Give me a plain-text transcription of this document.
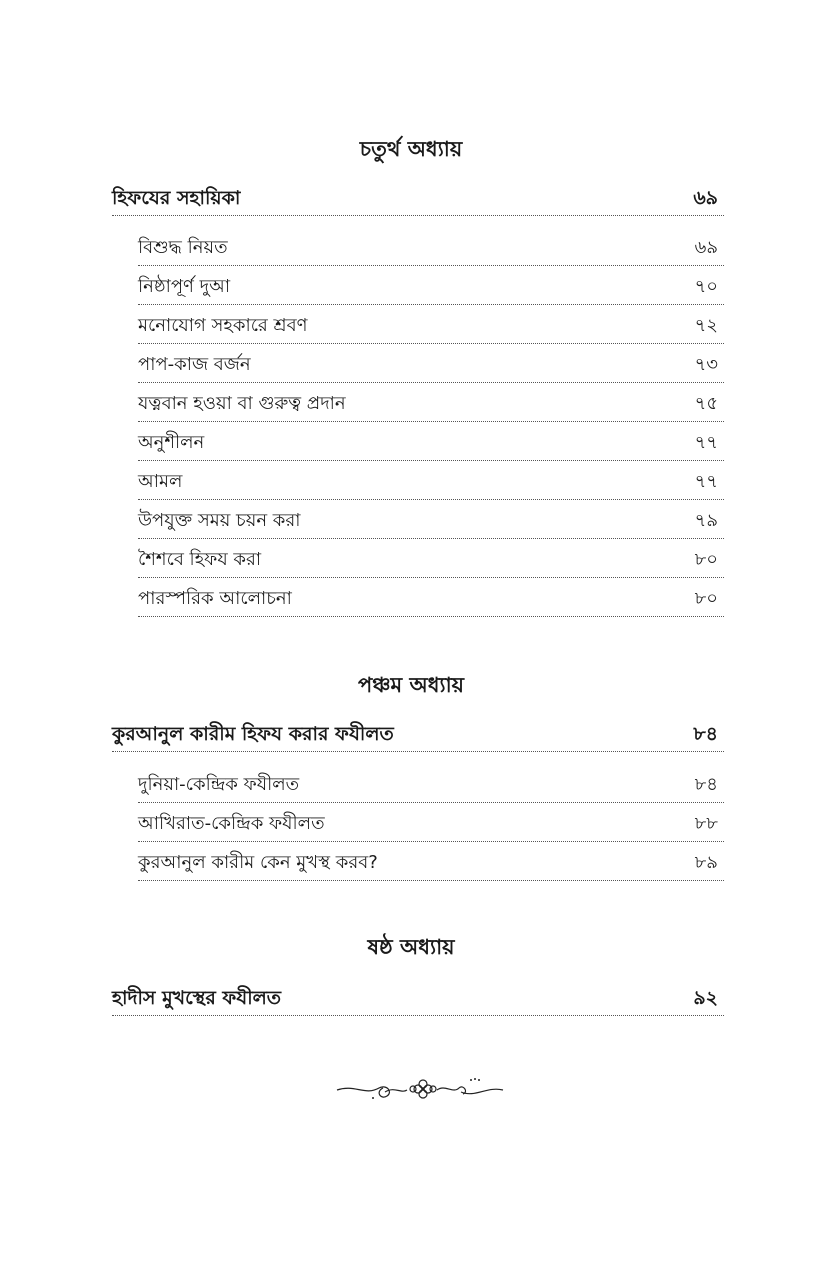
চতুর্থ অধ্যায়
হিফযের সহায়িকা	৬৯
বিশুদ্ধ নিয়ত	৬৯
নিষ্ঠাপূর্ণ দুআ	৭০
মনোযোগ সহকারে শ্রবণ	৭২
পাপ-কাজ বর্জন	৭৩
যত্নবান হওয়া বা গুরুত্ব প্রদান	৭৫
অনুশীলন	৭৭
আমল	৭৭
উপযুক্ত সময় চয়ন করা	৭৯
শৈশবে হিফয করা	৮০
পারস্পরিক আলোচনা	৮০
পঞ্চম অধ্যায়
কুরআনুল কারীম হিফয করার ফযীলত	৮৪
দুনিয়া-কেন্দ্রিক ফযীলত	৮৪
আখিরাত-কেন্দ্রিক ফযীলত	৮৮
কুরআনুল কারীম কেন মুখস্থ করব?	৮৯
ষষ্ঠ অধ্যায়
হাদীস মুখস্থের ফযীলত	৯২
